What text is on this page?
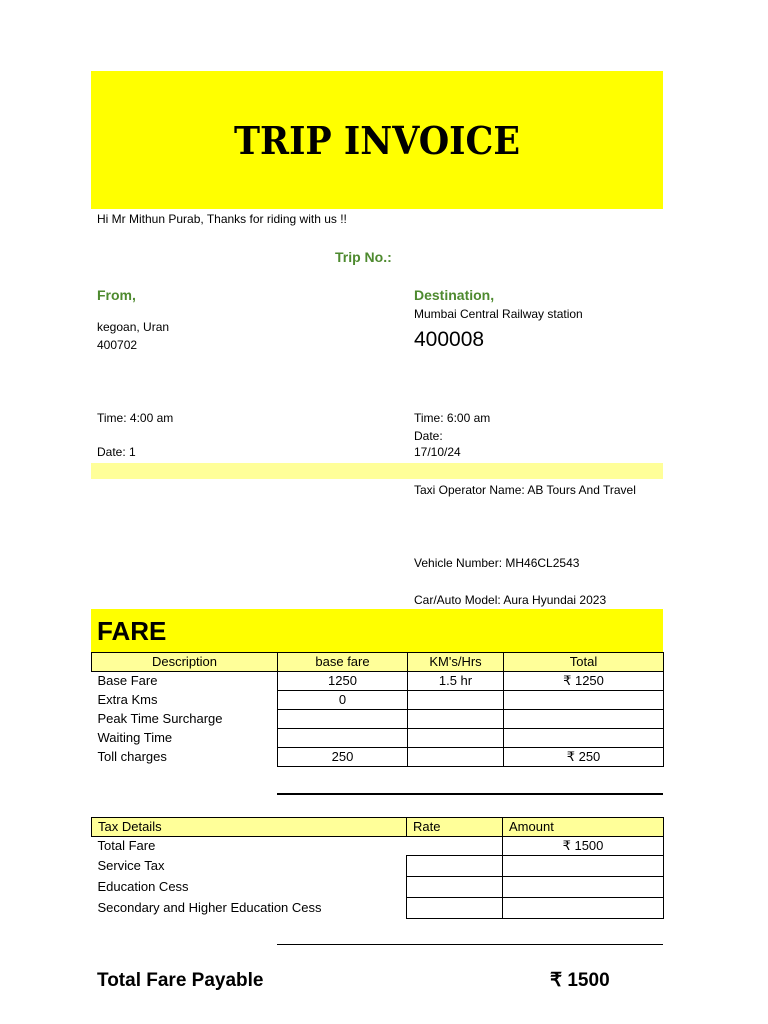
TRIP INVOICE
Hi Mr Mithun Purab, Thanks for riding with us !!
Trip No.:
From,
kegoan, Uran
400702
Time: 4:00 am
Date: 1
Destination,
Mumbai Central Railway station
400008
Time: 6:00 am
Date:
17/10/24
Taxi Operator Name: AB Tours And Travel
Vehicle Number: MH46CL2543
Car/Auto Model: Aura Hyundai 2023
FARE
Description	base fare	KM's/Hrs	Total
Base Fare	1250	1.5 hr	₹ 1250
Extra Kms	0		
Peak Time Surcharge			
Waiting Time			
Toll charges	250		₹ 250
Tax Details	Rate	Amount
Total Fare		₹ 1500
Service Tax		
Education Cess		
Secondary and Higher Education Cess		
Total Fare Payable	₹ 1500
